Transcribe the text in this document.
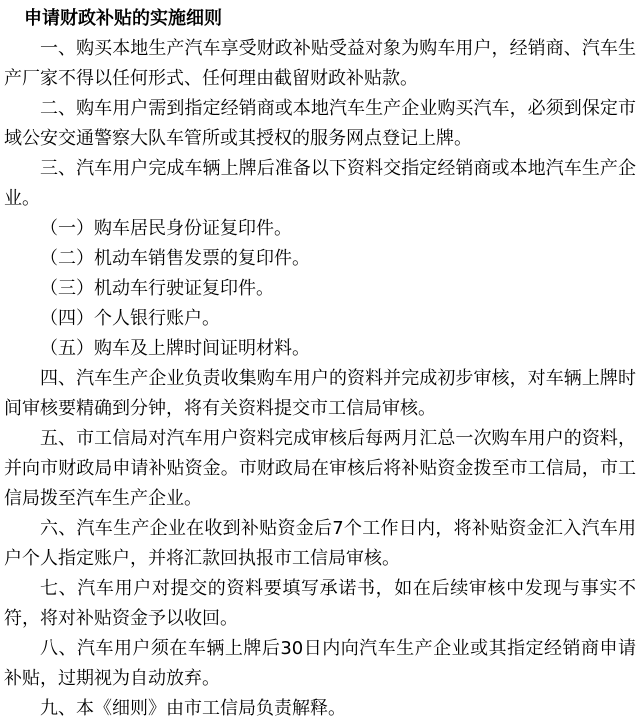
申请财政补贴的实施细则

一、购买本地生产汽车享受财政补贴受益对象为购车用户，经销商、汽车生产厂家不得以任何形式、任何理由截留财政补贴款。

二、购车用户需到指定经销商或本地汽车生产企业购买汽车，必须到保定市域公安交通警察大队车管所或其授权的服务网点登记上牌。

三、汽车用户完成车辆上牌后准备以下资料交指定经销商或本地汽车生产企业。

（一）购车居民身份证复印件。

（二）机动车销售发票的复印件。

（三）机动车行驶证复印件。

（四）个人银行账户。

（五）购车及上牌时间证明材料。

四、汽车生产企业负责收集购车用户的资料并完成初步审核，对车辆上牌时间审核要精确到分钟，将有关资料提交市工信局审核。

五、市工信局对汽车用户资料完成审核后每两月汇总一次购车用户的资料，并向市财政局申请补贴资金。市财政局在审核后将补贴资金拨至市工信局，市工信局拨至汽车生产企业。

六、汽车生产企业在收到补贴资金后7个工作日内，将补贴资金汇入汽车用户个人指定账户，并将汇款回执报市工信局审核。

七、汽车用户对提交的资料要填写承诺书，如在后续审核中发现与事实不符，将对补贴资金予以收回。

八、汽车用户须在车辆上牌后30日内向汽车生产企业或其指定经销商申请补贴，过期视为自动放弃。

九、本《细则》由市工信局负责解释。
